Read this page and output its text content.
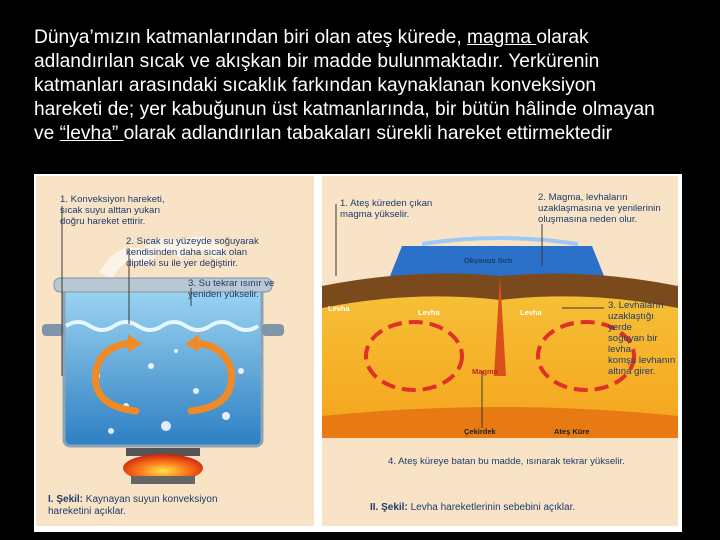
Dünya’mızın katmanlarından biri olan ateş kürede, magma olarak
adlandırılan sıcak ve akışkan bir madde bulunmaktadır. Yerkürenin
katmanları arasındaki sıcaklık farkından kaynaklanan konveksiyon
hareketi de; yer kabuğunun üst katmanlarında, bir bütün hâlinde olmayan
ve “levha” olarak adlandırılan tabakaları sürekli hareket ettirmektedir

1. Konveksiyon hareketi,
sıcak suyu alttan yukarı
doğru hareket ettirir.
2. Sıcak su yüzeyde soğuyarak
kendisinden daha sıcak olan
diptleki su ile yer değiştirir.
3. Su tekrar ısınır ve
yeniden yükselir.
I. Şekil: Kaynayan suyun konveksiyon
hareketini açıklar.
1. Ateş küreden çıkan
magma yükselir.
2. Magma, levhaların
uzaklaşmasına ve yenilerinin
oluşmasına neden olur.
3. Levhaların
uzaklaştığı yerde
soğuyan bir levha
komşu levhanın
altına girer.
Okyanus Sırtı
Levha	Levha	Levha
Magma
Çekirdek	Ateş Küre
4. Ateş küreye batan bu madde, ısınarak tekrar yükselir.
II. Şekil: Levha hareketlerinin sebebini açıklar.
